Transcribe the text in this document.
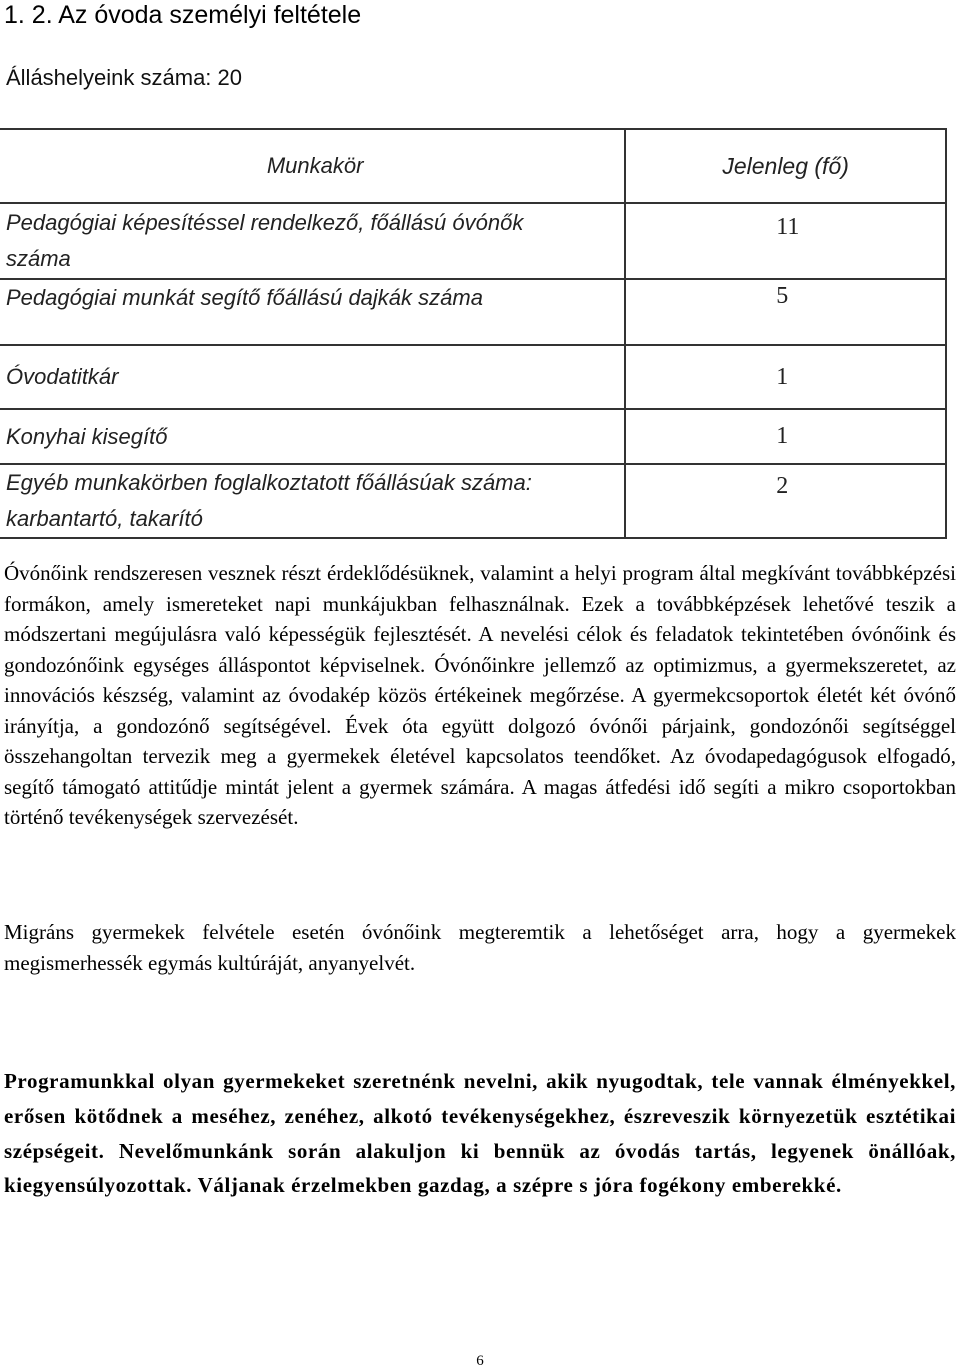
1. 2. Az óvoda személyi feltétele
Álláshelyeink száma: 20
Munkakör	Jelenleg (fő)
Pedagógiai képesítéssel rendelkező, főállású óvónők száma	11
Pedagógiai munkát segítő főállású dajkák száma	5
Óvodatitkár	1
Konyhai kisegítő	1
Egyéb munkakörben foglalkoztatott főállásúak száma: karbantartó, takarító	2

Óvónőink rendszeresen vesznek részt érdeklődésüknek, valamint a helyi program által megkívánt továbbképzési formákon, amely ismereteket napi munkájukban felhasználnak. Ezek a továbbképzések lehetővé teszik a módszertani megújulásra való képességük fejlesztését. A nevelési célok és feladatok tekintetében óvónőink és gondozónőink egységes álláspontot képviselnek. Óvónőinkre jellemző az optimizmus, a gyermekszeretet, az innovációs készség, valamint az óvodakép közös értékeinek megőrzése. A gyermekcsoportok életét két óvónő irányítja, a gondozónő segítségével. Évek óta együtt dolgozó óvónői párjaink, gondozónői segítséggel összehangoltan tervezik meg a gyermekek életével kapcsolatos teendőket. Az óvodapedagógusok elfogadó, segítő támogató attitűdje mintát jelent a gyermek számára. A magas átfedési idő segíti a mikro csoportokban történő tevékenységek szervezését.

Migráns gyermekek felvétele esetén óvónőink megteremtik a lehetőséget arra, hogy a gyermekek megismerhessék egymás kultúráját, anyanyelvét.

Programunkkal olyan gyermekeket szeretnénk nevelni, akik nyugodtak, tele vannak élményekkel, erősen kötődnek a meséhez, zenéhez, alkotó tevékenységekhez, észreveszik környezetük esztétikai szépségeit. Nevelőmunkánk során alakuljon ki bennük az óvodás tartás, legyenek önállóak, kiegyensúlyozottak. Váljanak érzelmekben gazdag, a szépre s jóra fogékony emberekké.

6
